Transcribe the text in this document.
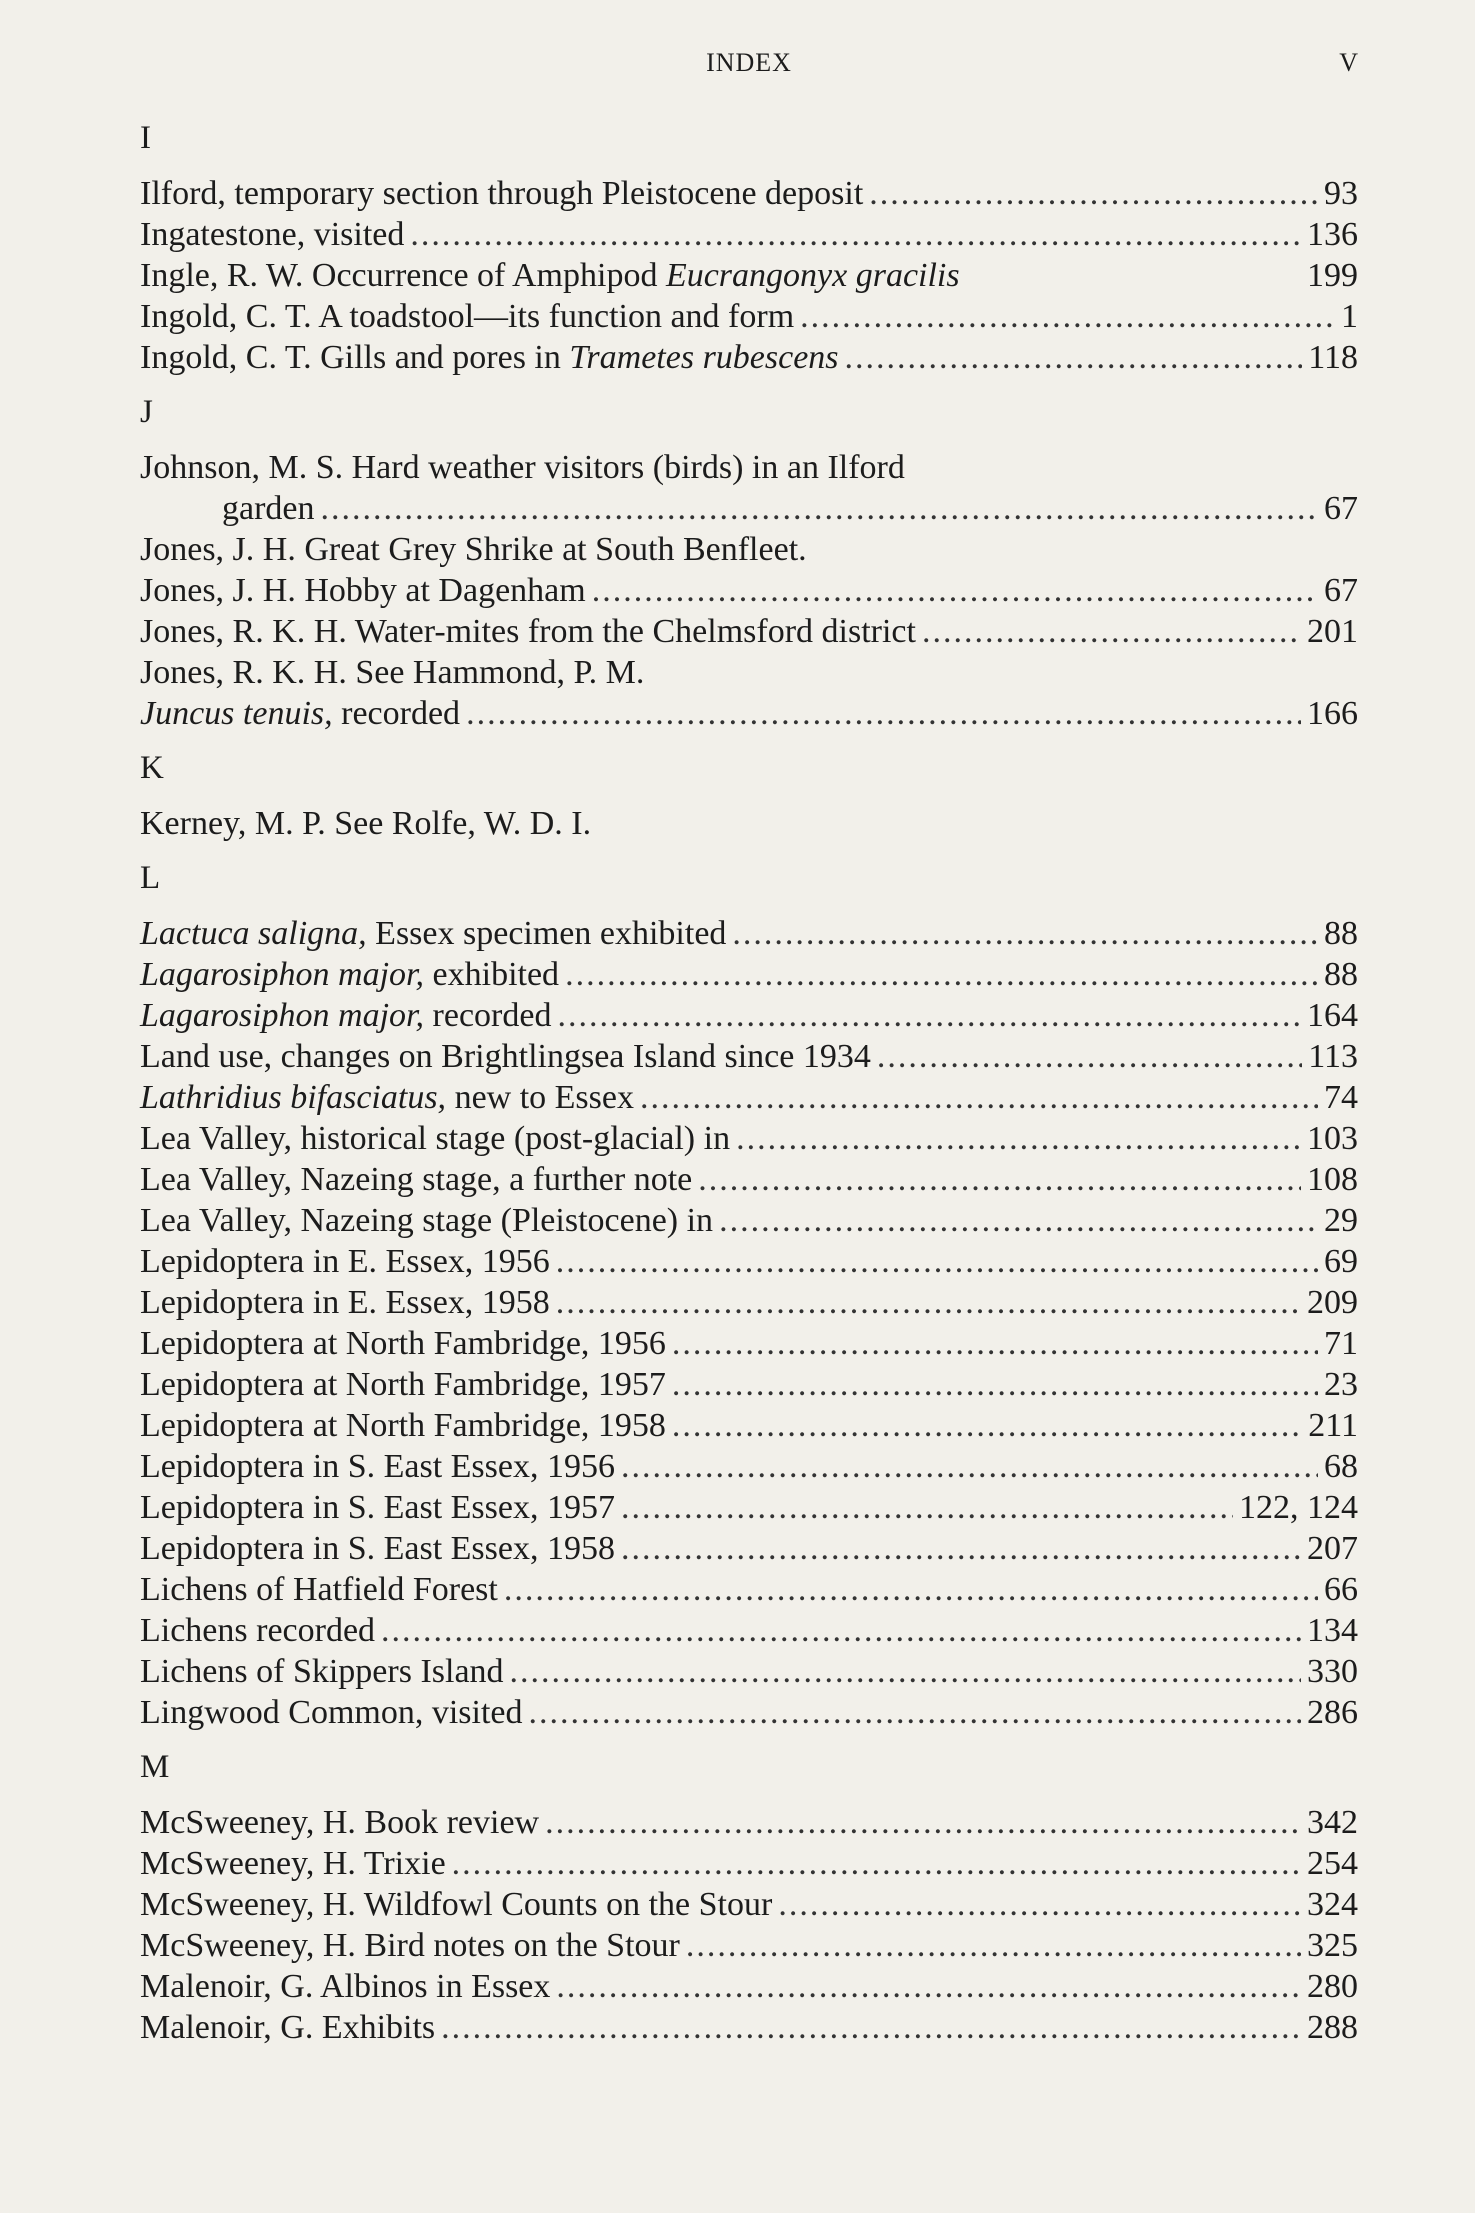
INDEX	V
I
Ilford, temporary section through Pleistocene deposit .....	93
Ingatestone, visited .....	136
Ingle, R. W. Occurrence of Amphipod Eucrangonyx gracilis	199
Ingold, C. T. A toadstool—its function and form .....	1
Ingold, C. T. Gills and pores in Trametes rubescens .....	118
J
Johnson, M. S. Hard weather visitors (birds) in an Ilford
garden .....	67
Jones, J. H. Great Grey Shrike at South Benfleet.
Jones, J. H. Hobby at Dagenham .....	67
Jones, R. K. H. Water-mites from the Chelmsford district .....	201
Jones, R. K. H. See Hammond, P. M.
Juncus tenuis, recorded .....	166
K
Kerney, M. P. See Rolfe, W. D. I.
L
Lactuca saligna, Essex specimen exhibited .....	88
Lagarosiphon major, exhibited .....	88
Lagarosiphon major, recorded .....	164
Land use, changes on Brightlingsea Island since 1934 .....	113
Lathridius bifasciatus, new to Essex .....	74
Lea Valley, historical stage (post-glacial) in .....	103
Lea Valley, Nazeing stage, a further note .....	108
Lea Valley, Nazeing stage (Pleistocene) in .....	29
Lepidoptera in E. Essex, 1956 .....	69
Lepidoptera in E. Essex, 1958 .....	209
Lepidoptera at North Fambridge, 1956 .....	71
Lepidoptera at North Fambridge, 1957 .....	23
Lepidoptera at North Fambridge, 1958 .....	211
Lepidoptera in S. East Essex, 1956 .....	68
Lepidoptera in S. East Essex, 1957 .....	122, 124
Lepidoptera in S. East Essex, 1958 .....	207
Lichens of Hatfield Forest .....	66
Lichens recorded .....	134
Lichens of Skippers Island .....	330
Lingwood Common, visited .....	286
M
McSweeney, H. Book review .....	342
McSweeney, H. Trixie .....	254
McSweeney, H. Wildfowl Counts on the Stour .....	324
McSweeney, H. Bird notes on the Stour .....	325
Malenoir, G. Albinos in Essex .....	280
Malenoir, G. Exhibits .....	288
